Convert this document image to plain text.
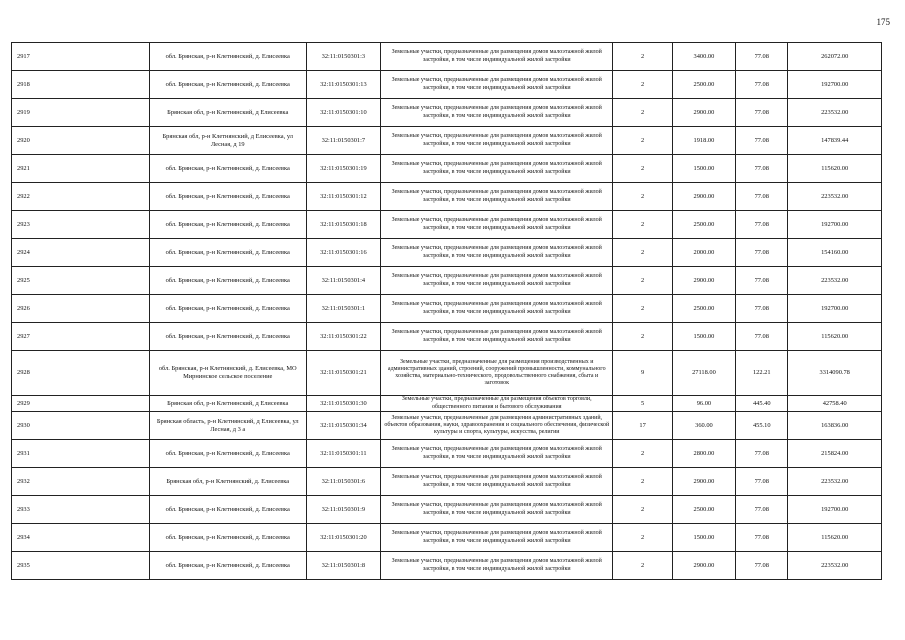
175
2917	обл. Брянская, р-н Клетнянский, д. Елисеевка	32:11:0150301:3	Земельные участки, предназначенные для размещения домов малоэтажной жилой застройки, в том числе индивидуальной жилой застройки	2	3400.00	77.08	262072.00
2918	обл. Брянская, р-н Клетнянский, д. Елисеевка	32:11:0150301:13	Земельные участки, предназначенные для размещения домов малоэтажной жилой застройки, в том числе индивидуальной жилой застройки	2	2500.00	77.08	192700.00
2919	Брянская обл, р-н Клетнянский, д Елисеевка	32:11:0150301:10	Земельные участки, предназначенные для размещения домов малоэтажной жилой застройки, в том числе индивидуальной жилой застройки	2	2900.00	77.08	223532.00
2920	Брянская обл, р-н Клетнянский, д Елисеевка, ул Лесная, д 19	32:11:0150301:7	Земельные участки, предназначенные для размещения домов малоэтажной жилой застройки, в том числе индивидуальной жилой застройки	2	1918.00	77.08	147839.44
2921	обл. Брянская, р-н Клетнянский, д. Елисеевка	32:11:0150301:19	Земельные участки, предназначенные для размещения домов малоэтажной жилой застройки, в том числе индивидуальной жилой застройки	2	1500.00	77.08	115620.00
2922	обл. Брянская, р-н Клетнянский, д. Елисеевка	32:11:0150301:12	Земельные участки, предназначенные для размещения домов малоэтажной жилой застройки, в том числе индивидуальной жилой застройки	2	2900.00	77.08	223532.00
2923	обл. Брянская, р-н Клетнянский, д. Елисеевка	32:11:0150301:18	Земельные участки, предназначенные для размещения домов малоэтажной жилой застройки, в том числе индивидуальной жилой застройки	2	2500.00	77.08	192700.00
2924	обл. Брянская, р-н Клетнянский, д. Елисеевка	32:11:0150301:16	Земельные участки, предназначенные для размещения домов малоэтажной жилой застройки, в том числе индивидуальной жилой застройки	2	2000.00	77.08	154160.00
2925	обл. Брянская, р-н Клетнянский, д. Елисеевка	32:11:0150301:4	Земельные участки, предназначенные для размещения домов малоэтажной жилой застройки, в том числе индивидуальной жилой застройки	2	2900.00	77.08	223532.00
2926	обл. Брянская, р-н Клетнянский, д. Елисеевка	32:11:0150301:1	Земельные участки, предназначенные для размещения домов малоэтажной жилой застройки, в том числе индивидуальной жилой застройки	2	2500.00	77.08	192700.00
2927	обл. Брянская, р-н Клетнянский, д. Елисеевка	32:11:0150301:22	Земельные участки, предназначенные для размещения домов малоэтажной жилой застройки, в том числе индивидуальной жилой застройки	2	1500.00	77.08	115620.00
2928	обл. Брянская, р-н Клетнянский, д. Елисеевка, МО Мирнинское сельское поселение	32:11:0150301:21	Земельные участки, предназначенные для размещения производственных и административных зданий, строений, сооружений промышленности, коммунального хозяйства, материально-технического, продовольственного снабжения, сбыта и заготовок	9	27118.00	122.21	3314090.78
2929	Брянская обл, р-н Клетнянский, д Елисеевка	32:11:0150301:30	Земельные участки, предназначенные для размещения объектов торговли, общественного питания и бытового обслуживания	5	96.00	445.40	42758.40
2930	Брянская область, р-н Клетнянский, д Елисеевка, ул Лесная, д 3 а	32:11:0150301:34	Земельные участки, предназначенные для размещения административных зданий, объектов образования, науки, здравоохранения и социального обеспечения, физической культуры и спорта, культуры, искусства, религии	17	360.00	455.10	163836.00
2931	обл. Брянская, р-н Клетнянский, д. Елисеевка	32:11:0150301:11	Земельные участки, предназначенные для размещения домов малоэтажной жилой застройки, в том числе индивидуальной жилой застройки	2	2800.00	77.08	215824.00
2932	Брянская обл, р-н Клетнянский, д. Елисеевка	32:11:0150301:6	Земельные участки, предназначенные для размещения домов малоэтажной жилой застройки, в том числе индивидуальной жилой застройки	2	2900.00	77.08	223532.00
2933	обл. Брянская, р-н Клетнянский, д. Елисеевка	32:11:0150301:9	Земельные участки, предназначенные для размещения домов малоэтажной жилой застройки, в том числе индивидуальной жилой застройки	2	2500.00	77.08	192700.00
2934	обл. Брянская, р-н Клетнянский, д. Елисеевка	32:11:0150301:20	Земельные участки, предназначенные для размещения домов малоэтажной жилой застройки, в том числе индивидуальной жилой застройки	2	1500.00	77.08	115620.00
2935	обл. Брянская, р-н Клетнянский, д. Елисеевка	32:11:0150301:8	Земельные участки, предназначенные для размещения домов малоэтажной жилой застройки, в том числе индивидуальной жилой застройки	2	2900.00	77.08	223532.00
